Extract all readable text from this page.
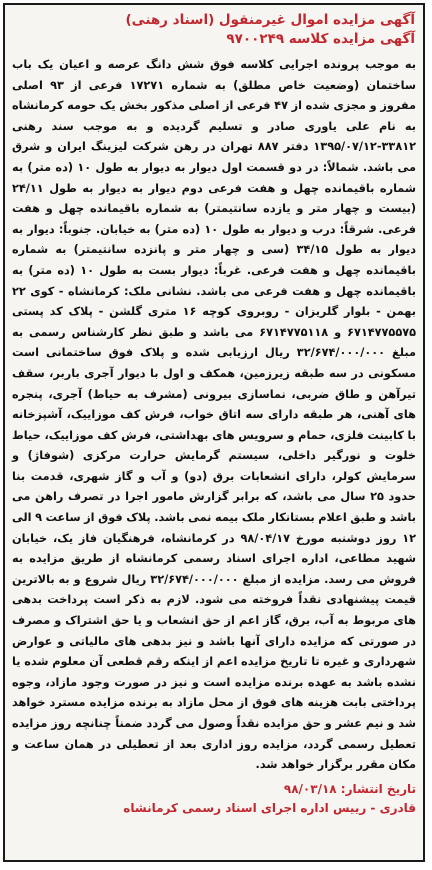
آگهی مزایده اموال غیرمنقول (اسناد رهنی)
آگهی مزایده کلاسه ۹۷۰۰۲۴۹
به موجب پرونده اجرایی کلاسه فوق شش دانگ عرصه و اعیان یک باب ساختمان (وضعیت خاص مطلق) به شماره ۱۷۲۷۱ فرعی از ۹۳ اصلی مفروز و مجزی شده از ۴۷ فرعی از اصلی مذکور بخش یک حومه کرمانشاه به نام علی یاوری صادر و تسلیم گردیده و به موجب سند رهنی ۳۳۸۱۲-۱۳۹۵/۰۷/۱۲ دفتر ۸۸۷ تهران در رهن شرکت لیزینگ ایران و شرق می باشد. شمالاً: در دو قسمت اول دیوار به دیوار به طول ۱۰ (ده متر) به شماره باقیمانده چهل و هفت فرعی دوم دیوار به دیوار به طول ۲۴/۱۱ (بیست و چهار متر و یازده سانتیمتر) به شماره باقیمانده چهل و هفت فرعی. شرقاً: درب و دیوار به طول ۱۰ (ده متر) به خیابان. جنوباً: دیوار به دیوار به طول ۳۴/۱۵ (سی و چهار متر و پانزده سانتیمتر) به شماره باقیمانده چهل و هفت فرعی. غرباً: دیوار بست به طول ۱۰ (ده متر) به باقیمانده چهل و هفت فرعی می باشد. نشانی ملک: کرمانشاه - کوی ۲۲ بهمن - بلوار گلریزان - روبروی کوچه ۱۶ متری گلشن - پلاک کد پستی ۶۷۱۴۷۷۵۵۷۵ و ۶۷۱۴۷۷۵۱۱۸ می باشد و طبق نظر کارشناس رسمی به مبلغ ۳۲/۶۷۴/۰۰۰/۰۰۰ ریال ارزیابی شده و پلاک فوق ساختمانی است مسکونی در سه طبقه زیرزمین، همکف و اول با دیوار آجری باربر، سقف تیرآهن و طاق ضربی، نماسازی بیرونی (مشرف به حیاط) آجری، پنجره های آهنی، هر طبقه دارای سه اتاق خواب، فرش کف موزاییک، آشپزخانه با کابینت فلزی، حمام و سرویس های بهداشتی، فرش کف موزاییک، حیاط خلوت و نورگیر داخلی، سیستم گرمایش حرارت مرکزی (شوفاژ) و سرمایش کولر، دارای انشعابات برق (دو) و آب و گاز شهری، قدمت بنا حدود ۲۵ سال می باشد، که برابر گزارش مامور اجرا در تصرف راهن می باشد و طبق اعلام بستانکار ملک بیمه نمی باشد. پلاک فوق از ساعت ۹ الی ۱۲ روز دوشنبه مورخ ۹۸/۰۴/۱۷ در کرمانشاه، فرهنگیان فاز یک، خیابان شهید مطاعی، اداره اجرای اسناد رسمی کرمانشاه از طریق مزایده به فروش می رسد. مزایده از مبلغ ۳۲/۶۷۴/۰۰۰/۰۰۰ ریال شروع و به بالاترین قیمت پیشنهادی نقداً فروخته می شود. لازم به ذکر است پرداخت بدهی های مربوط به آب، برق، گاز اعم از حق انشعاب و یا حق اشتراک و مصرف در صورتی که مزایده دارای آنها باشد و نیز بدهی های مالیاتی و عوارض شهرداری و غیره تا تاریخ مزایده اعم از اینکه رقم قطعی آن معلوم شده یا نشده باشد به عهده برنده مزایده است و نیز در صورت وجود مازاد، وجوه پرداختی بابت هزینه های فوق از محل مازاد به برنده مزایده مسترد خواهد شد و نیم عشر و حق مزایده نقداً وصول می گردد ضمناً چنانچه روز مزایده تعطیل رسمی گردد، مزایده روز اداری بعد از تعطیلی در همان ساعت و مکان مقرر برگزار خواهد شد.
تاریخ انتشار: ۹۸/۰۳/۱۸
قادری - رییس اداره اجرای اسناد رسمی کرمانشاه
